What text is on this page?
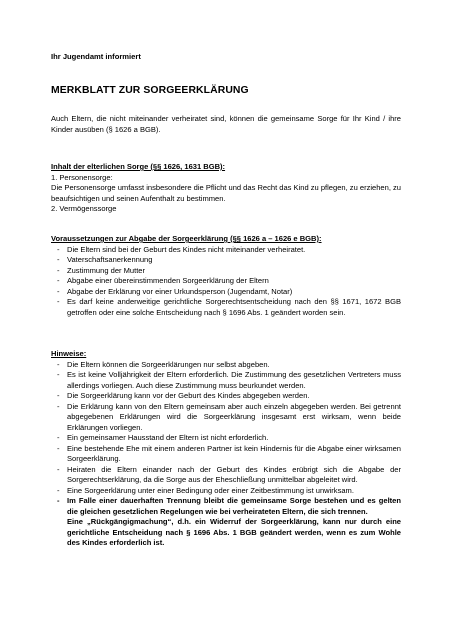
Ihr Jugendamt informiert
MERKBLATT ZUR SORGEERKLÄRUNG
Auch Eltern, die nicht miteinander verheiratet sind, können die gemeinsame Sorge für Ihr Kind / ihre Kinder ausüben (§ 1626 a BGB).
Inhalt der elterlichen Sorge (§§ 1626, 1631 BGB):
1. Personensorge:
Die Personensorge umfasst insbesondere die Pflicht und das Recht das Kind zu pflegen, zu erziehen, zu beaufsichtigen und seinen Aufenthalt zu bestimmen.
2. Vermögenssorge
Voraussetzungen zur Abgabe der Sorgeerklärung (§§ 1626 a – 1626 e BGB):
- Die Eltern sind bei der Geburt des Kindes nicht miteinander verheiratet.
- Vaterschaftsanerkennung
- Zustimmung der Mutter
- Abgabe einer übereinstimmenden Sorgeerklärung der Eltern
- Abgabe der Erklärung vor einer Urkundsperson (Jugendamt, Notar)
- Es darf keine anderweitige gerichtliche Sorgerechtsentscheidung nach den §§ 1671, 1672 BGB getroffen oder eine solche Entscheidung nach § 1696 Abs. 1 geändert worden sein.
Hinweise:
- Die Eltern können die Sorgeerklärungen nur selbst abgeben.
- Es ist keine Volljährigkeit der Eltern erforderlich. Die Zustimmung des gesetzlichen Vertreters muss allerdings vorliegen. Auch diese Zustimmung muss beurkundet werden.
- Die Sorgeerklärung kann vor der Geburt des Kindes abgegeben werden.
- Die Erklärung kann von den Eltern gemeinsam aber auch einzeln abgegeben werden. Bei getrennt abgegebenen Erklärungen wird die Sorgeerklärung insgesamt erst wirksam, wenn beide Erklärungen vorliegen.
- Ein gemeinsamer Hausstand der Eltern ist nicht erforderlich.
- Eine bestehende Ehe mit einem anderen Partner ist kein Hindernis für die Abgabe einer wirksamen Sorgeerklärung.
- Heiraten die Eltern einander nach der Geburt des Kindes erübrigt sich die Abgabe der Sorgerechtserklärung, da die Sorge aus der Eheschließung unmittelbar abgeleitet wird.
- Eine Sorgeerklärung unter einer Bedingung oder einer Zeitbestimmung ist unwirksam.
- Im Falle einer dauerhaften Trennung bleibt die gemeinsame Sorge bestehen und es gelten die gleichen gesetzlichen Regelungen wie bei verheirateten Eltern, die sich trennen.
Eine „Rückgängigmachung“, d.h. ein Widerruf der Sorgeerklärung, kann nur durch eine gerichtliche Entscheidung nach § 1696 Abs. 1 BGB geändert werden, wenn es zum Wohle des Kindes erforderlich ist.
